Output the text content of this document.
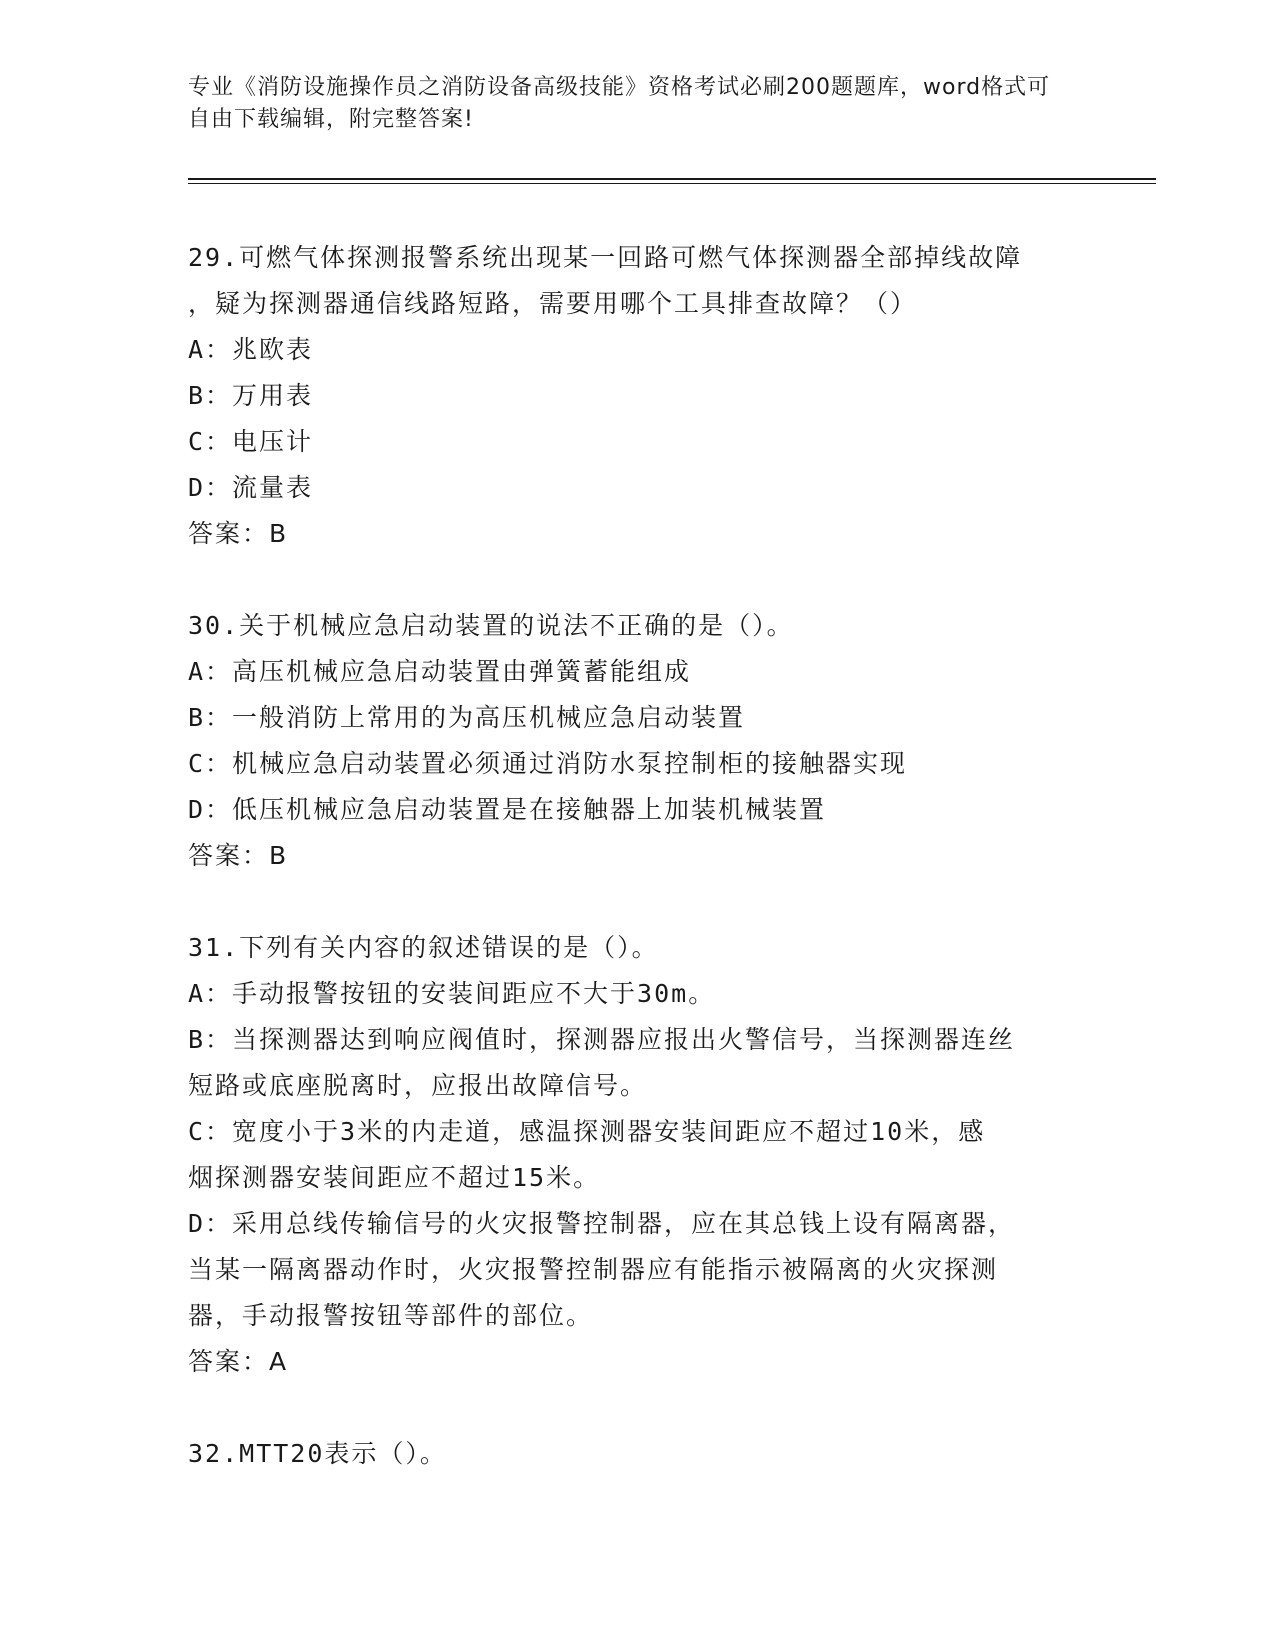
专业《消防设施操作员之消防设备高级技能》资格考试必刷200题题库，word格式可自由下载编辑，附完整答案!
29.可燃气体探测报警系统出现某一回路可燃气体探测器全部掉线故障
，疑为探测器通信线路短路，需要用哪个工具排查故障？（）
A：兆欧表
B：万用表
C：电压计
D：流量表
答案：B
30.关于机械应急启动装置的说法不正确的是（）。
A：高压机械应急启动装置由弹簧蓄能组成
B：一般消防上常用的为高压机械应急启动装置
C：机械应急启动装置必须通过消防水泵控制柜的接触器实现
D：低压机械应急启动装置是在接触器上加装机械装置
答案：B
31.下列有关内容的叙述错误的是（）。
A：手动报警按钮的安装间距应不大于30m。
B：当探测器达到响应阀值时，探测器应报出火警信号，当探测器连丝
短路或底座脱离时，应报出故障信号。
C：宽度小于3米的内走道，感温探测器安装间距应不超过10米，感
烟探测器安装间距应不超过15米。
D：采用总线传输信号的火灾报警控制器，应在其总钱上设有隔离器，
当某一隔离器动作时，火灾报警控制器应有能指示被隔离的火灾探测
器，手动报警按钮等部件的部位。
答案：A
32.MTT20表示（）。
